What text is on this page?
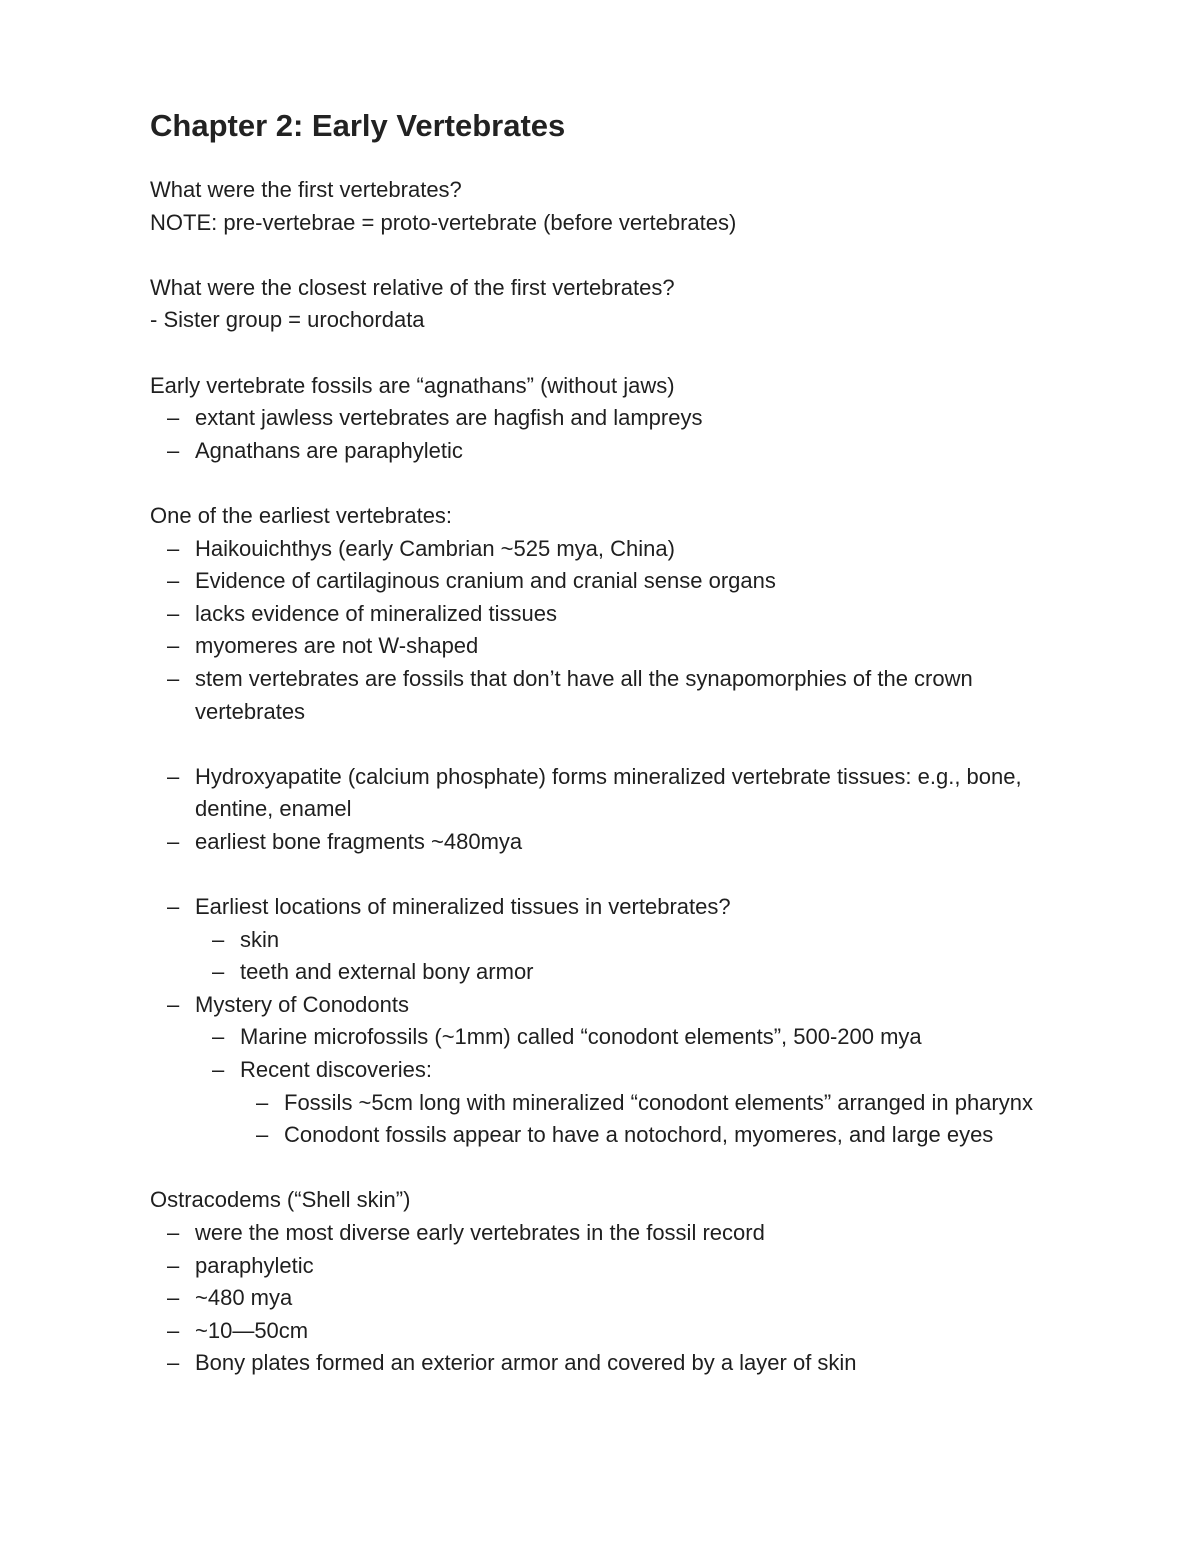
Chapter 2: Early Vertebrates
What were the first vertebrates?
NOTE: pre-vertebrae = proto-vertebrate (before vertebrates)
What were the closest relative of the first vertebrates?
- Sister group = urochordata
Early vertebrate fossils are “agnathans” (without jaws)
– extant jawless vertebrates are hagfish and lampreys
– Agnathans are paraphyletic
One of the earliest vertebrates:
– Haikouichthys (early Cambrian ~525 mya, China)
– Evidence of cartilaginous cranium and cranial sense organs
– lacks evidence of mineralized tissues
– myomeres are not W-shaped
– stem vertebrates are fossils that don’t have all the synapomorphies of the crown vertebrates
– Hydroxyapatite (calcium phosphate) forms mineralized vertebrate tissues: e.g., bone, dentine, enamel
– earliest bone fragments ~480mya
– Earliest locations of mineralized tissues in vertebrates?
– skin
– teeth and external bony armor
– Mystery of Conodonts
– Marine microfossils (~1mm) called “conodont elements”, 500-200 mya
– Recent discoveries:
– Fossils ~5cm long with mineralized “conodont elements” arranged in pharynx
– Conodont fossils appear to have a notochord, myomeres, and large eyes
Ostracodems (“Shell skin”)
– were the most diverse early vertebrates in the fossil record
– paraphyletic
– ~480 mya
– ~10—50cm
– Bony plates formed an exterior armor and covered by a layer of skin
